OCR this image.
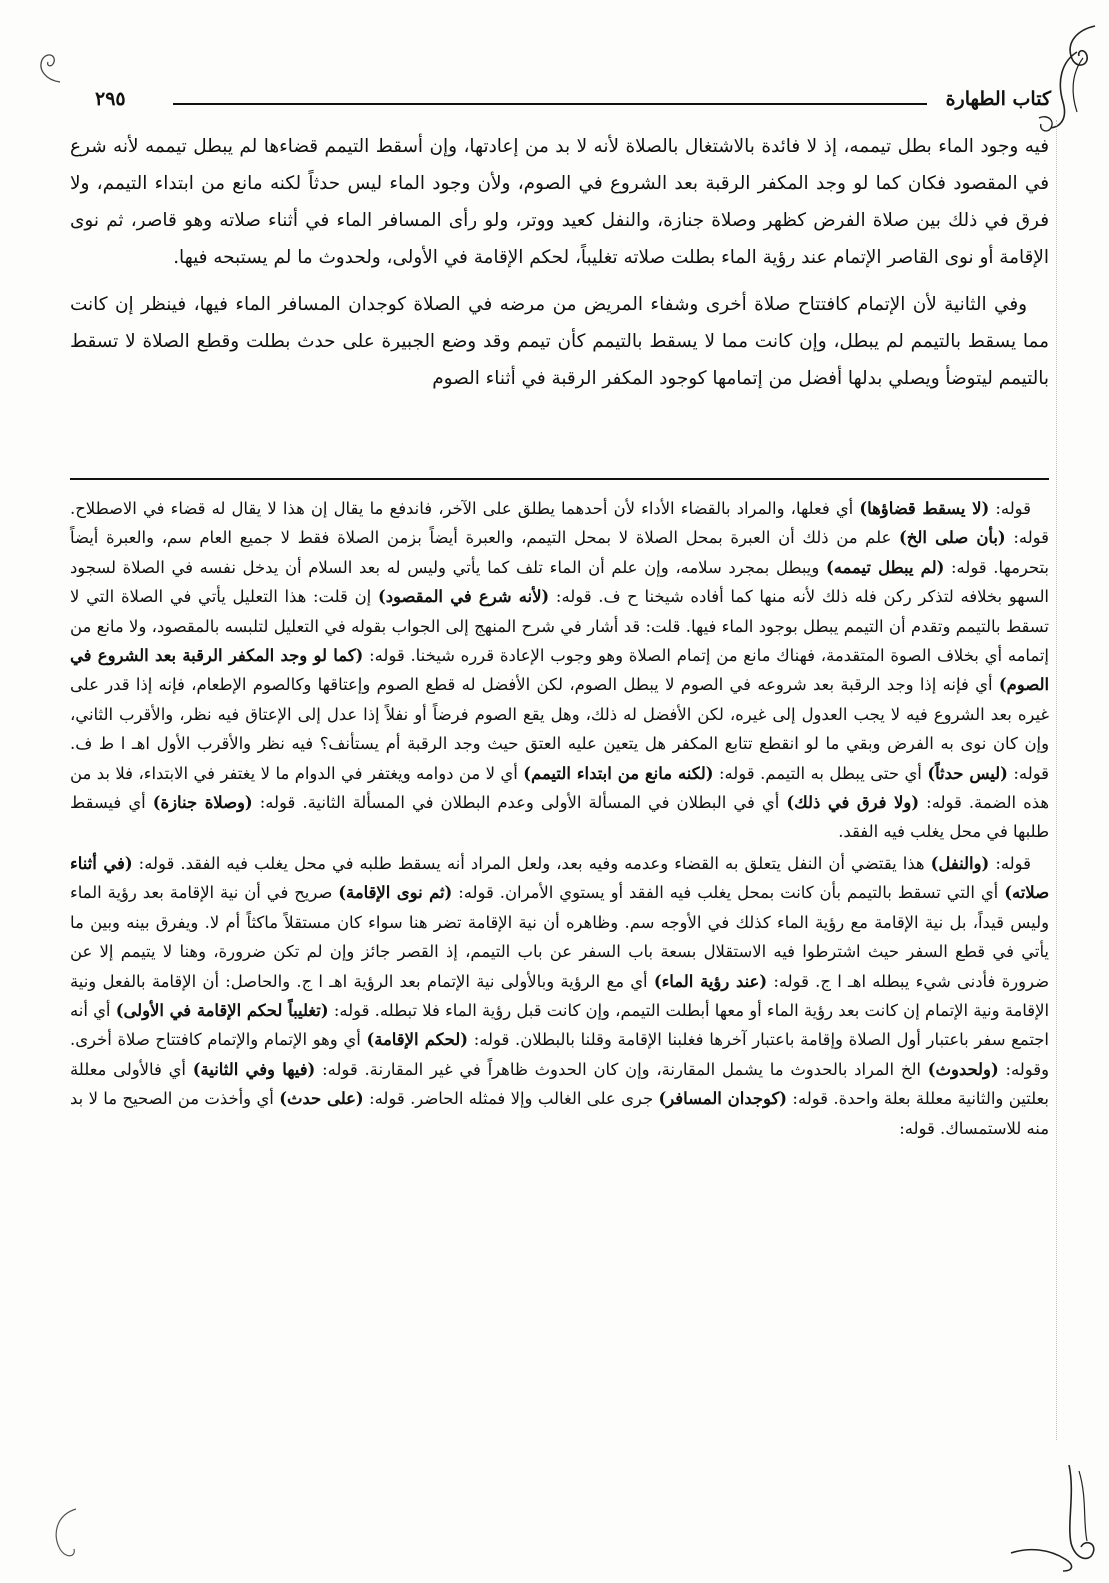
كتاب الطهارة
٢٩٥

فيه وجود الماء بطل تيممه، إذ لا فائدة بالاشتغال بالصلاة لأنه لا بد من إعادتها، وإن أسقط التيمم قضاءها لم يبطل تيممه لأنه شرع في المقصود فكان كما لو وجد المكفر الرقبة بعد الشروع في الصوم، ولأن وجود الماء ليس حدثاً لكنه مانع من ابتداء التيمم، ولا فرق في ذلك بين صلاة الفرض كظهر وصلاة جنازة، والنفل كعيد ووتر، ولو رأى المسافر الماء في أثناء صلاته وهو قاصر، ثم نوى الإقامة أو نوى القاصر الإتمام عند رؤية الماء بطلت صلاته تغليباً، لحكم الإقامة في الأولى، ولحدوث ما لم يستبحه فيها.

وفي الثانية لأن الإتمام كافتتاح صلاة أخرى وشفاء المريض من مرضه في الصلاة كوجدان المسافر الماء فيها، فينظر إن كانت مما يسقط بالتيمم لم يبطل، وإن كانت مما لا يسقط بالتيمم كأن تيمم وقد وضع الجبيرة على حدث بطلت وقطع الصلاة لا تسقط بالتيمم ليتوضأ ويصلي بدلها أفضل من إتمامها كوجود المكفر الرقبة في أثناء الصوم

قوله: (لا يسقط قضاؤها) أي فعلها، والمراد بالقضاء الأداء لأن أحدهما يطلق على الآخر، فاندفع ما يقال إن هذا لا يقال له قضاء في الاصطلاح. قوله: (بأن صلى الخ) علم من ذلك أن العبرة بمحل الصلاة لا بمحل التيمم، والعبرة أيضاً بزمن الصلاة فقط لا جميع العام سم، والعبرة أيضاً بتحرمها. قوله: (لم يبطل تيممه) ويبطل بمجرد سلامه، وإن علم أن الماء تلف كما يأتي وليس له بعد السلام أن يدخل نفسه في الصلاة لسجود السهو بخلافه لتذكر ركن فله ذلك لأنه منها كما أفاده شيخنا ح ف. قوله: (لأنه شرع في المقصود) إن قلت: هذا التعليل يأتي في الصلاة التي لا تسقط بالتيمم وتقدم أن التيمم يبطل بوجود الماء فيها. قلت: قد أشار في شرح المنهج إلى الجواب بقوله في التعليل لتلبسه بالمقصود، ولا مانع من إتمامه أي بخلاف الصوة المتقدمة، فهناك مانع من إتمام الصلاة وهو وجوب الإعادة قرره شيخنا. قوله: (كما لو وجد المكفر الرقبة بعد الشروع في الصوم) أي فإنه إذا وجد الرقبة بعد شروعه في الصوم لا يبطل الصوم، لكن الأفضل له قطع الصوم وإعتاقها وكالصوم الإطعام، فإنه إذا قدر على غيره بعد الشروع فيه لا يجب العدول إلى غيره، لكن الأفضل له ذلك، وهل يقع الصوم فرضاً أو نفلاً إذا عدل إلى الإعتاق فيه نظر، والأقرب الثاني، وإن كان نوى به الفرض وبقي ما لو انقطع تتابع المكفر هل يتعين عليه العتق حيث وجد الرقبة أم يستأنف؟ فيه نظر والأقرب الأول اهـ ا ط ف. قوله: (ليس حدثاً) أي حتى يبطل به التيمم. قوله: (لكنه مانع من ابتداء التيمم) أي لا من دوامه ويغتفر في الدوام ما لا يغتفر في الابتداء، فلا بد من هذه الضمة. قوله: (ولا فرق في ذلك) أي في البطلان في المسألة الأولى وعدم البطلان في المسألة الثانية. قوله: (وصلاة جنازة) أي فيسقط طلبها في محل يغلب فيه الفقد.

قوله: (والنفل) هذا يقتضي أن النفل يتعلق به القضاء وعدمه وفيه بعد، ولعل المراد أنه يسقط طلبه في محل يغلب فيه الفقد. قوله: (في أثناء صلاته) أي التي تسقط بالتيمم بأن كانت بمحل يغلب فيه الفقد أو يستوي الأمران. قوله: (ثم نوى الإقامة) صريح في أن نية الإقامة بعد رؤية الماء وليس قيداً، بل نية الإقامة مع رؤية الماء كذلك في الأوجه سم. وظاهره أن نية الإقامة تضر هنا سواء كان مستقلاً ماكثاً أم لا. ويفرق بينه وبين ما يأتي في قطع السفر حيث اشترطوا فيه الاستقلال بسعة باب السفر عن باب التيمم، إذ القصر جائز وإن لم تكن ضرورة، وهنا لا يتيمم إلا عن ضرورة فأدنى شيء يبطله اهـ ا ج. قوله: (عند رؤية الماء) أي مع الرؤية وبالأولى نية الإتمام بعد الرؤية اهـ ا ج. والحاصل: أن الإقامة بالفعل ونية الإقامة ونية الإتمام إن كانت بعد رؤية الماء أو معها أبطلت التيمم، وإن كانت قبل رؤية الماء فلا تبطله. قوله: (تغليباً لحكم الإقامة في الأولى) أي أنه اجتمع سفر باعتبار أول الصلاة وإقامة باعتبار آخرها فغلبنا الإقامة وقلنا بالبطلان. قوله: (لحكم الإقامة) أي وهو الإتمام والإتمام كافتتاح صلاة أخرى. وقوله: (ولحدوث) الخ المراد بالحدوث ما يشمل المقارنة، وإن كان الحدوث ظاهراً في غير المقارنة. قوله: (فيها وفي الثانية) أي فالأولى معللة بعلتين والثانية معللة بعلة واحدة. قوله: (كوجدان المسافر) جرى على الغالب وإلا فمثله الحاضر. قوله: (على حدث) أي وأخذت من الصحيح ما لا بد منه للاستمساك. قوله:
